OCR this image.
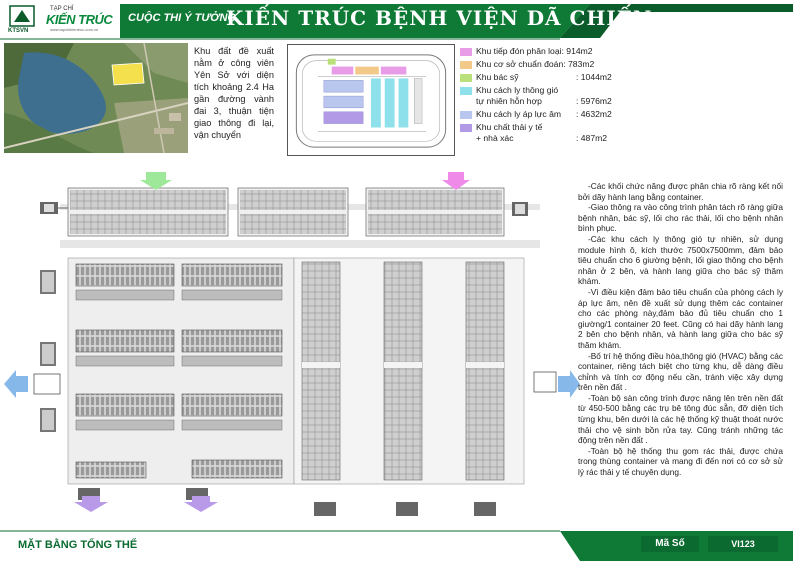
KTSVN
TẠP CHÍ
KIẾN TRÚC
www.tapchikientruc.com.vn
CUỘC THI Ý TƯỞNG
KIẾN TRÚC BỆNH VIỆN DÃ CHIẾN
Khu đất đề xuất nằm ở công viên Yên Sở với diện tích khoảng 2.4 Ha gần đường vành đai 3, thuận tiện giao thông đi lại, vận chuyển
Khu tiếp đón phân loại: 914m2
Khu cơ sở chuẩn đoán: 783m2
Khu bác sỹ	: 1044m2
Khu cách ly thông gió
tự nhiên hỗn hợp	: 5976m2
Khu cách ly áp lực âm : 4632m2
Khu chất thải y tế
+ nhà xác	: 487m2

-Các khối chức năng được phân chia rõ ràng kết nối bởi dãy hành lang bằng container.

-Giao thông ra vào công trình phân tách rõ ràng giữa bệnh nhân, bác sỹ, lối cho rác thải, lối cho bệnh nhân bình phục.

-Các khu cách ly thông gió tự nhiên, sử dụng module hình ô, kích thước 7500x7500mm, đảm bảo tiêu chuẩn cho 6 giường bệnh, lối giao thông cho bệnh nhân ở 2 bên, và hành lang giữa cho bác sỹ thăm khám.

-Vì điều kiện đảm bảo tiêu chuẩn của phòng cách ly áp lực âm, nên đề xuất sử dụng thêm các container cho các phòng này,đảm bảo đủ tiêu chuẩn cho 1 giường/1 container 20 feet. Cũng có hai dãy hành lang 2 bên cho bệnh nhân, và hành lang giữa cho bác sỹ thăm khám.

-Bố trí hệ thống điều hòa,thông gió (HVAC) bằng các container, riêng tách biệt cho từng khu, dễ dàng điều chỉnh và tính cơ động nếu cần, tránh việc xây dựng trên nền đất .

-Toàn bộ sàn công trình được nâng lên trên nền đất từ 450-500 bằng các trụ bê tông đúc sẵn, đỡ diện tích từng khu, bên dưới là các hệ thống kỹ thuật thoát nước thải cho vệ sinh bồn rửa tay. Cũng tránh những tác động trên nền đất .

-Toàn bộ hệ thống thu gom rác thải, được chứa trong thùng container và mang đi đến nơi có cơ sở sử lý rác thải y tế chuyên dụng.

MẶT BẰNG TỔNG THỂ	Mã Số	VI123
